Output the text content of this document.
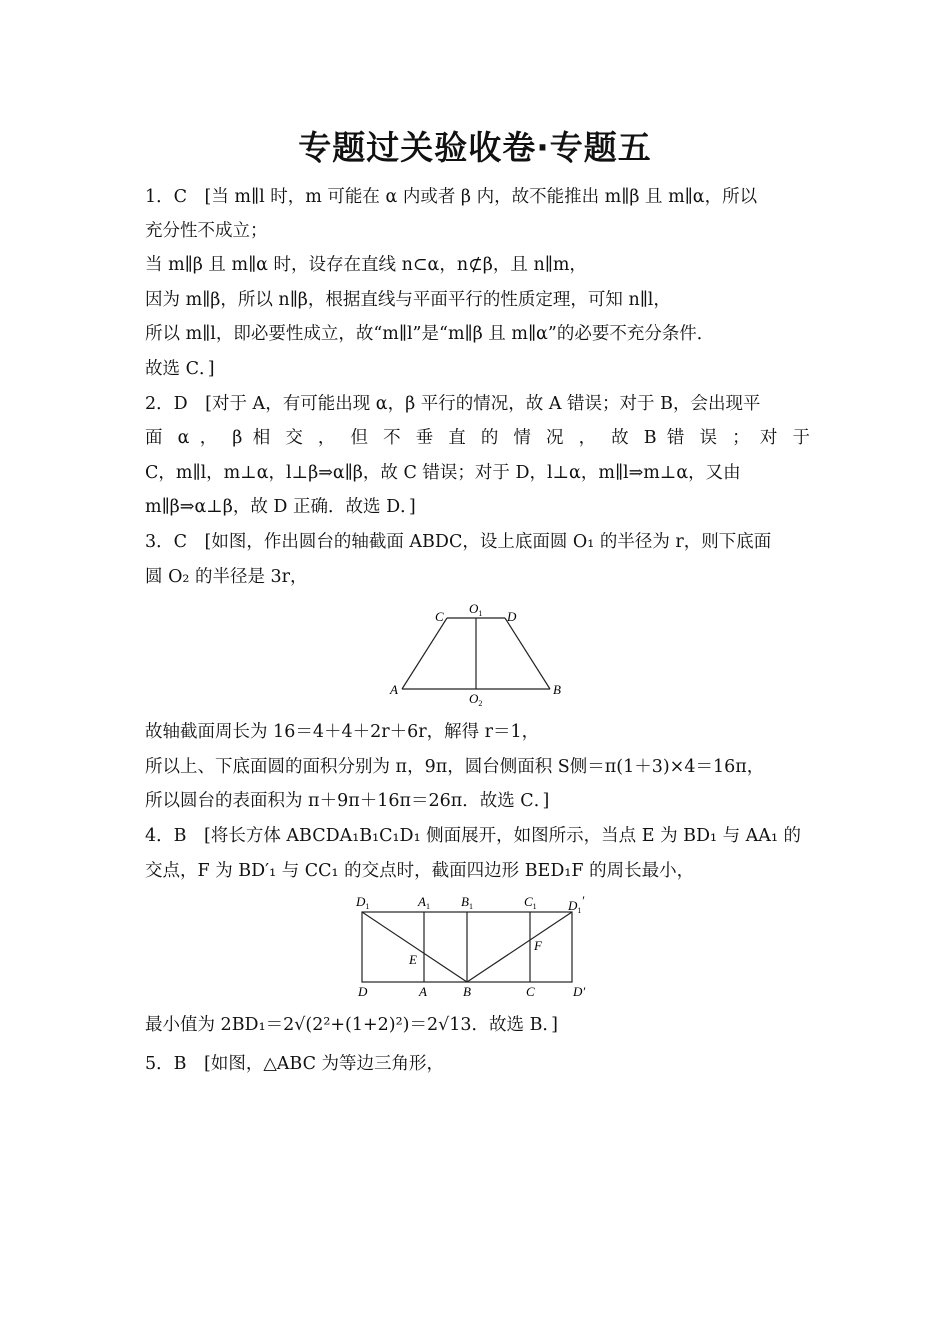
专题过关验收卷·专题五
1．C　[当 m∥l 时，m 可能在 α 内或者 β 内，故不能推出 m∥β 且 m∥α，所以
充分性不成立；
当 m∥β 且 m∥α 时，设存在直线 n⊂α，n⊄β，且 n∥m，
因为 m∥β，所以 n∥β，根据直线与平面平行的性质定理，可知 n∥l，
所以 m∥l，即必要性成立，故“m∥l”是“m∥β 且 m∥α”的必要不充分条件．
故选 C．]
2．D　[对于 A，有可能出现 α，β 平行的情况，故 A 错误；对于 B，会出现平
面 α ， β 相 交 ， 但 不 垂 直 的 情 况 ， 故 B 错 误 ； 对 于
C，m∥l，m⊥α，l⊥β⇒α∥β，故 C 错误；对于 D，l⊥α，m∥l⇒m⊥α，又由
m∥β⇒α⊥β，故 D 正确．故选 D．]
3．C　[如图，作出圆台的轴截面 ABDC，设上底面圆 O₁ 的半径为 r，则下底面
圆 O₂ 的半径是 3r，
C
$O_1$ D
A
$O_2$
B
故轴截面周长为 16＝4＋4＋2r＋6r，解得 r＝1，
所以上、下底面圆的面积分别为 π，9π，圆台侧面积 S侧＝π(1＋3)×4＝16π，
所以圆台的表面积为 π＋9π＋16π＝26π．故选 C．]
4．B　[将长方体 ABCDA₁B₁C₁D₁ 侧面展开，如图所示，当点 E 为 BD₁ 与 AA₁ 的
交点，F 为 BD′₁ 与 CC₁ 的交点时，截面四边形 BED₁F 的周长最小，
$D_1$	$A_1$ $B_1$	$C_1$ $D_1'$
E
F
D	A	B	C	D′
最小值为 2BD₁＝2√(2²+(1+2)²)＝2√13．故选 B．]
5．B　[如图，△ABC 为等边三角形，
